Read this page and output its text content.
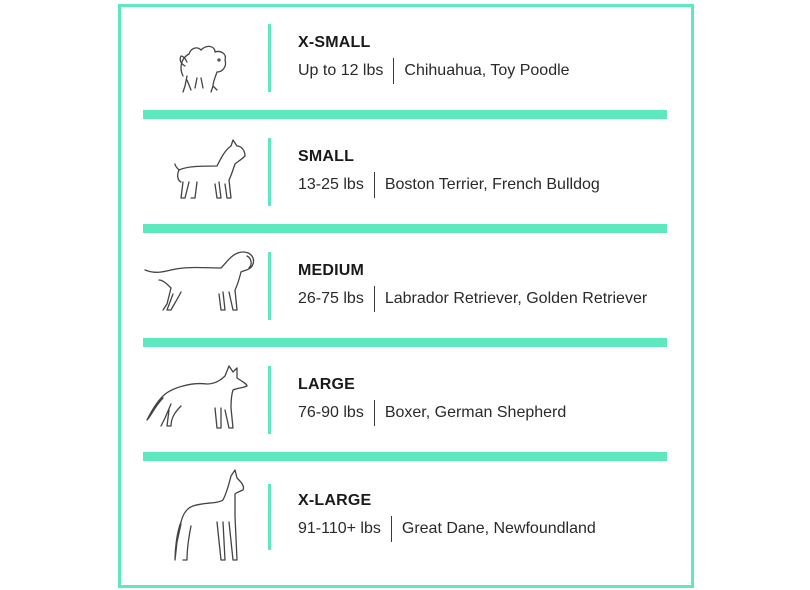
X-SMALL
Up to 12 lbs Chihuahua, Toy Poodle
SMALL
13-25 lbs Boston Terrier, French Bulldog
MEDIUM
26-75 lbs Labrador Retriever, Golden Retriever
LARGE
76-90 lbs Boxer, German Shepherd
X-LARGE
91-110+ lbs Great Dane, Newfoundland
